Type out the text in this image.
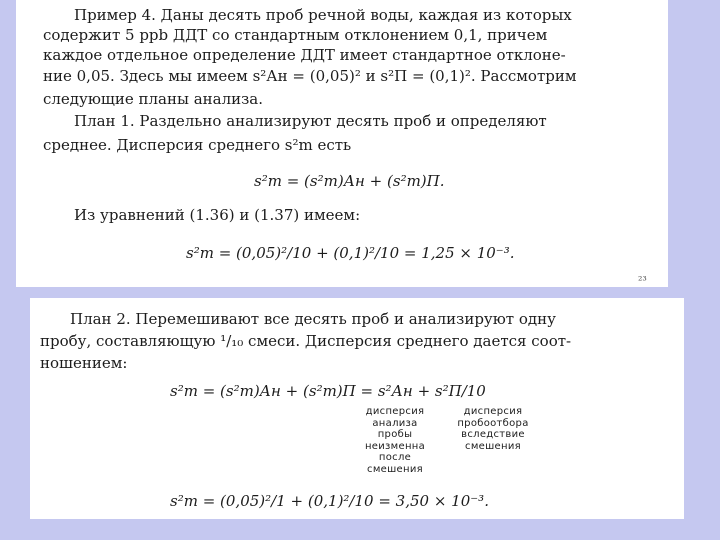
Пример 4. Даны десять проб речной воды, каждая из которых
содержит 5 ppb ДДТ со стандартным отклонением 0,1, причем
каждое отдельное определение ДДТ имеет стандартное отклоне-
ние 0,05. Здесь мы имеем s²Ан = (0,05)² и s²П = (0,1)². Рассмотрим
следующие планы анализа.
План 1. Раздельно анализируют десять проб и определяют
среднее. Дисперсия среднего s²m есть
s²m = (s²m)Ан + (s²m)П.
Из уравнений (1.36) и (1.37) имеем:
s²m = (0,05)²/10 + (0,1)²/10 = 1,25 × 10⁻³.
²³
План 2. Перемешивают все десять проб и анализируют одну
пробу, составляющую ¹/₁₀ смеси. Дисперсия среднего дается соот-
ношением:
s²m = (s²m)Ан + (s²m)П = s²Ан + s²П/10
дисперсия
анализа
пробы
неизменна
после
смешения
дисперсия
пробоотбора
вследствие
смешения
s²m = (0,05)²/1 + (0,1)²/10 = 3,50 × 10⁻³.
